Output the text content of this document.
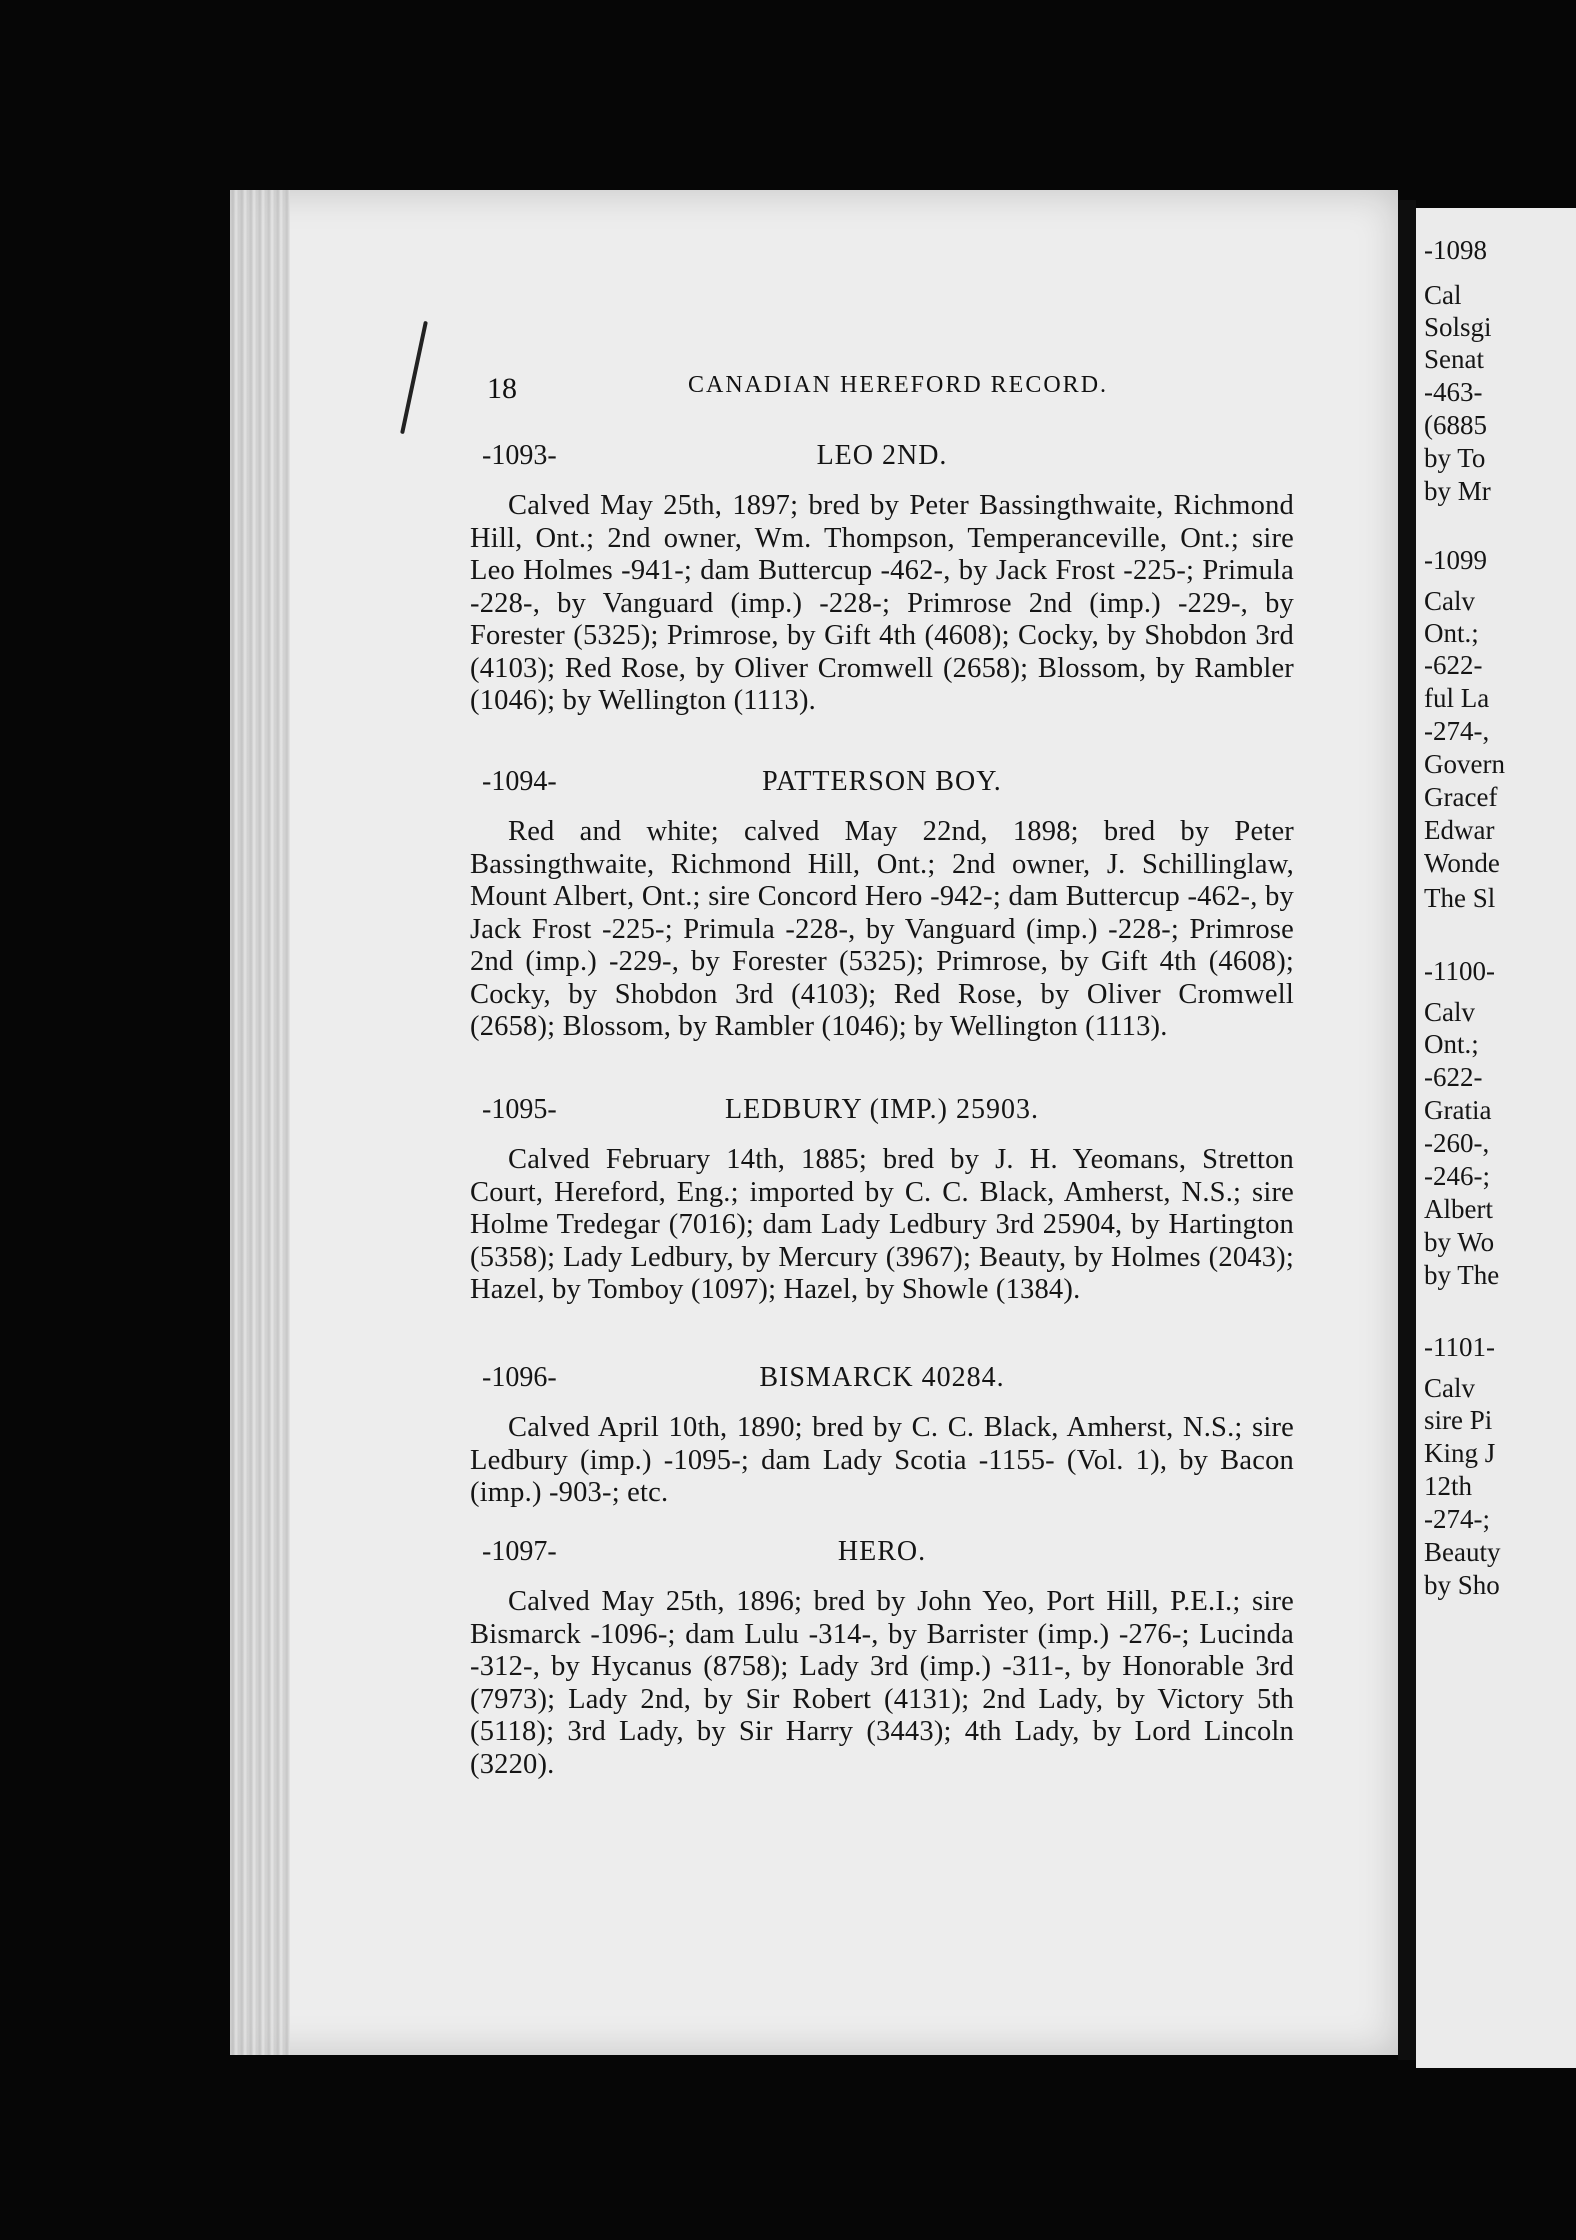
18	CANADIAN HEREFORD RECORD.
-1093-	LEO 2ND.
Calved May 25th, 1897; bred by Peter Bassingthwaite, Richmond Hill, Ont.; 2nd owner, Wm. Thompson, Temperanceville, Ont.; sire Leo Holmes -941-; dam Buttercup -462-, by Jack Frost -225-; Primula -228-, by Vanguard (imp.) -228-; Primrose 2nd (imp.) -229-, by Forester (5325); Primrose, by Gift 4th (4608); Cocky, by Shobdon 3rd (4103); Red Rose, by Oliver Cromwell (2658); Blossom, by Rambler (1046); by Wellington (1113).
-1094-	PATTERSON BOY.
Red and white; calved May 22nd, 1898; bred by Peter Bassingthwaite, Richmond Hill, Ont.; 2nd owner, J. Schillinglaw, Mount Albert, Ont.; sire Concord Hero -942-; dam Buttercup -462-, by Jack Frost -225-; Primula -228-, by Vanguard (imp.) -228-; Primrose 2nd (imp.) -229-, by Forester (5325); Primrose, by Gift 4th (4608); Cocky, by Shobdon 3rd (4103); Red Rose, by Oliver Cromwell (2658); Blossom, by Rambler (1046); by Wellington (1113).
-1095-	LEDBURY (IMP.) 25903.
Calved February 14th, 1885; bred by J. H. Yeomans, Stretton Court, Hereford, Eng.; imported by C. C. Black, Amherst, N.S.; sire Holme Tredegar (7016); dam Lady Ledbury 3rd 25904, by Hartington (5358); Lady Ledbury, by Mercury (3967); Beauty, by Holmes (2043); Hazel, by Tomboy (1097); Hazel, by Showle (1384).
-1096-	BISMARCK 40284.
Calved April 10th, 1890; bred by C. C. Black, Amherst, N.S.; sire Ledbury (imp.) -1095-; dam Lady Scotia -1155- (Vol. 1), by Bacon (imp.) -903-; etc.
-1097-	HERO.
Calved May 25th, 1896; bred by John Yeo, Port Hill, P.E.I.; sire Bismarck -1096-; dam Lulu -314-, by Barrister (imp.) -276-; Lucinda -312-, by Hycanus (8758); Lady 3rd (imp.) -311-, by Honorable 3rd (7973); Lady 2nd, by Sir Robert (4131); 2nd Lady, by Victory 5th (5118); 3rd Lady, by Sir Harry (3443); 4th Lady, by Lord Lincoln (3220).
-1098
Cal
Solsgi
Senat
-463-
(6885
by To
by Mr
-1099
Calv
Ont.;
-622-
ful La
-274-,
Govern
Gracef
Edwar
Wonde
The Sl
-1100-
Calv
Ont.;
-622-
Gratia
-260-,
-246-;
Albert
by Wo
by The
-1101-
Calv
sire Pi
King J
12th
-274-;
Beauty
by Sho
